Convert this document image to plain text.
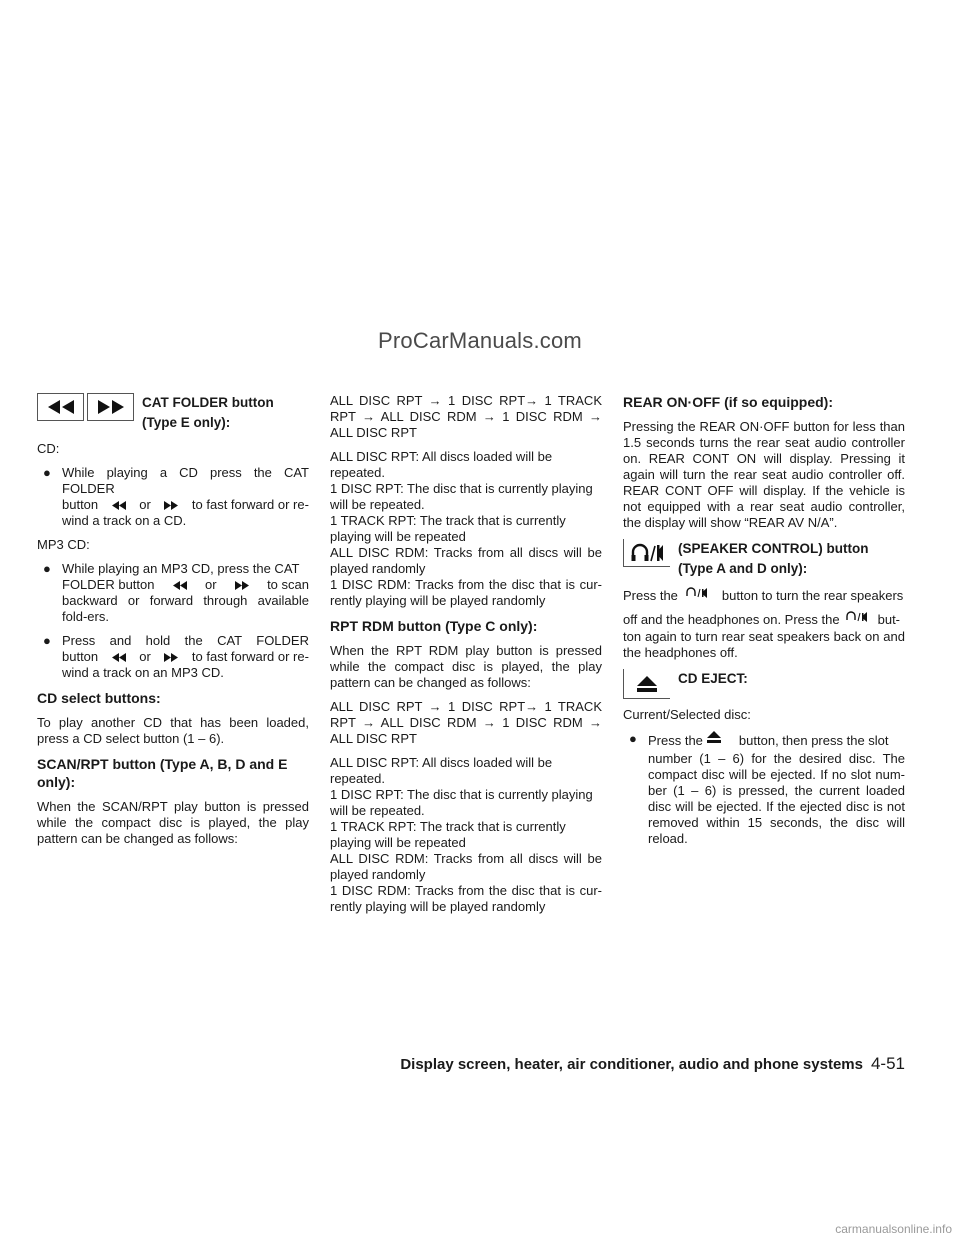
ProCarManuals.com
CAT FOLDER button
(Type E only):

CD:

● While playing a CD press the CAT FOLDER
button	or	to fast forward or re-
wind a track on a CD.

MP3 CD:

● While playing an MP3 CD, press the CAT
FOLDER button	or	to scan
backward or forward through available fold-ers.
● Press and hold the CAT FOLDER
button	or	to fast forward or re-
wind a track on an MP3 CD.
CD select buttons:

To play another CD that has been loaded, press a CD select button (1 – 6).

SCAN/RPT button (Type A, B, D and E only):

When the SCAN/RPT play button is pressed while the compact disc is played, the play pattern can be changed as follows:

ALL DISC RPT → 1 DISC RPT→ 1 TRACK RPT → ALL DISC RDM → 1 DISC RDM → ALL DISC RPT

ALL DISC RPT: All discs loaded will be repeated.
1 DISC RPT: The disc that is currently playing will be repeated.
1 TRACK RPT: The track that is currently playing will be repeated
ALL DISC RDM: Tracks from all discs will be played randomly

1 DISC RDM: Tracks from the disc that is cur-rently playing will be played randomly

RPT RDM button (Type C only):

When the RPT RDM play button is pressed while the compact disc is played, the play pattern can be changed as follows:

ALL DISC RPT → 1 DISC RPT→ 1 TRACK RPT → ALL DISC RDM → 1 DISC RDM → ALL DISC RPT

ALL DISC RPT: All discs loaded will be repeated.
1 DISC RPT: The disc that is currently playing will be repeated.
1 TRACK RPT: The track that is currently playing will be repeated
ALL DISC RDM: Tracks from all discs will be played randomly
1 DISC RDM: Tracks from the disc that is cur-rently playing will be played randomly
REAR ON·OFF (if so equipped):

Pressing the REAR ON·OFF button for less than 1.5 seconds turns the rear seat audio controller on. REAR CONT ON will display. Pressing it again will turn the rear seat audio controller off. REAR CONT OFF will display. If the vehicle is not equipped with a rear seat audio controller, the display will show “REAR AV N/A”.

(SPEAKER CONTROL) button
(Type A and D only):
Press the	button to turn the rear speakers
off and the headphones on. Press the	but-

ton again to turn rear seat speakers back on and the headphones off.

CD EJECT:

Current/Selected disc:

● Press the	button, then press the slot
number (1 – 6) for the desired disc. The compact disc will be ejected. If no slot num-ber (1 – 6) is pressed, the current loaded disc will be ejected. If the ejected disc is not removed within 15 seconds, the disc will reload.
Display screen, heater, air conditioner, audio and phone systems 4-51
carmanualsonline.info
